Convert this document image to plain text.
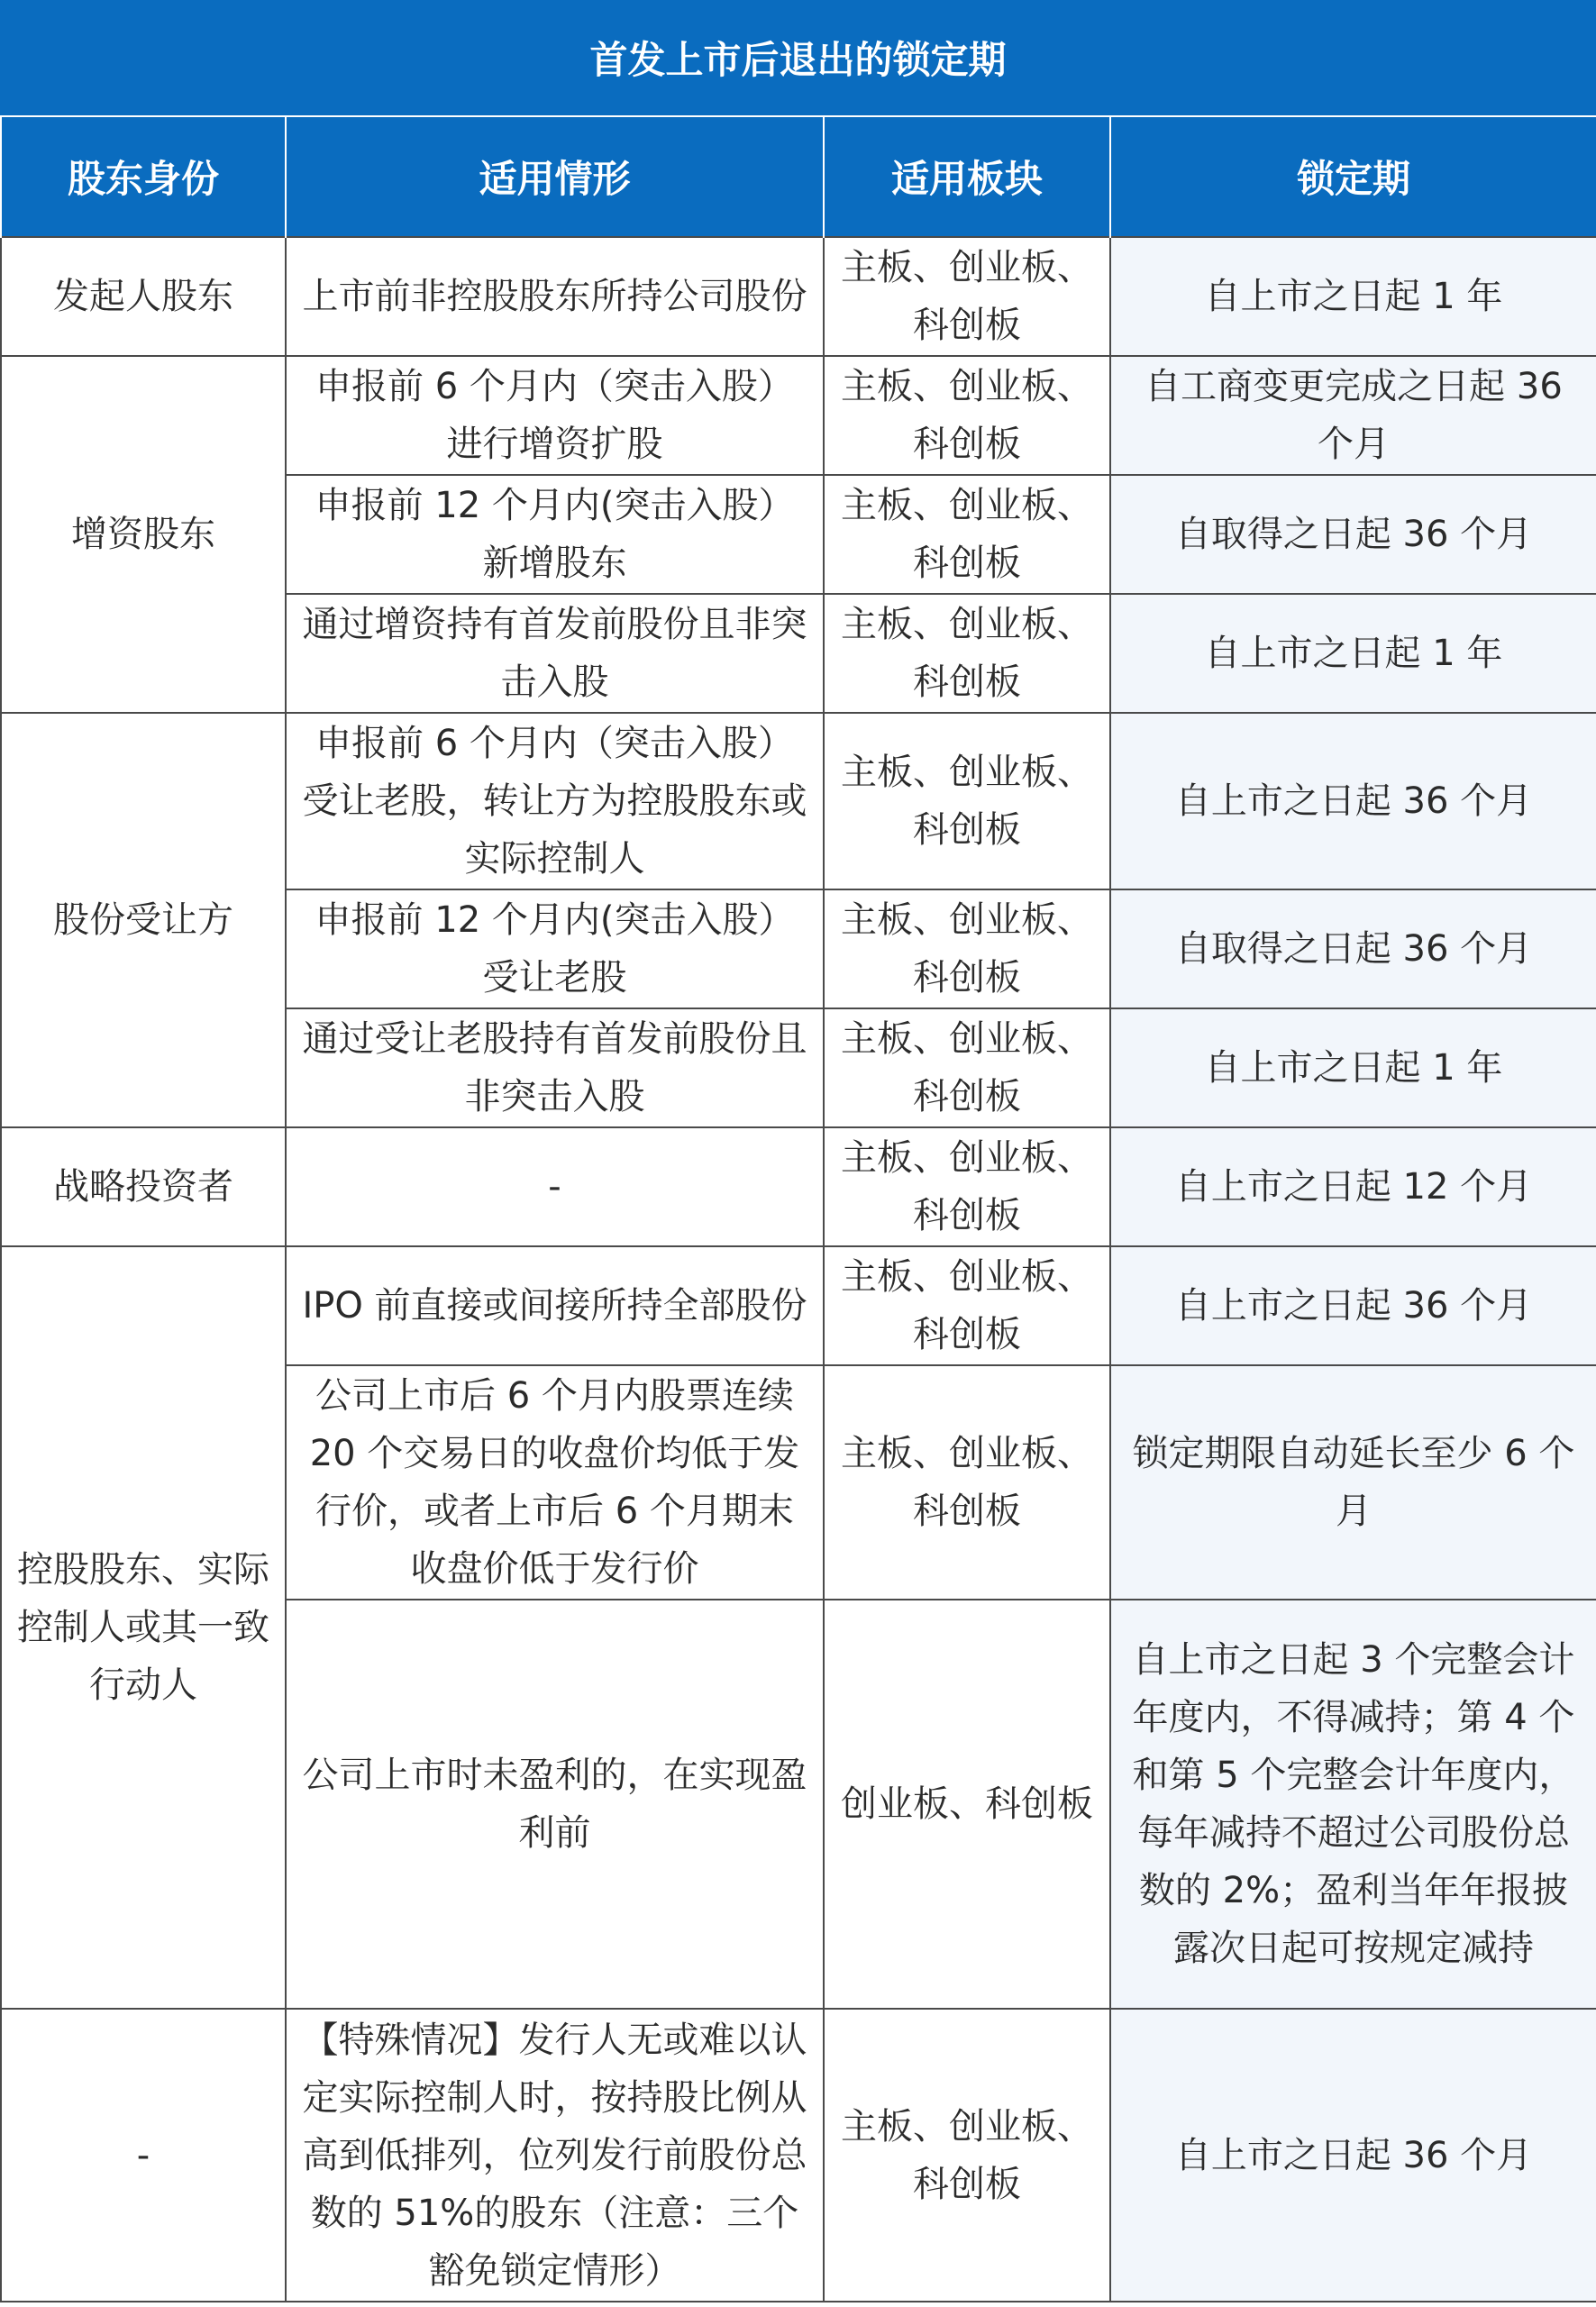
首发上市后退出的锁定期
股东身份	适用情形	适用板块	锁定期
发起人股东	上市前非控股股东所持公司股份	主板、创业板、科创板	自上市之日起 1 年
增资股东	申报前 6 个月内（突击入股）进行增资扩股	主板、创业板、科创板	自工商变更完成之日起 36 个月
	申报前 12 个月内(突击入股）新增股东	主板、创业板、科创板	自取得之日起 36 个月
	通过增资持有首发前股份且非突击入股	主板、创业板、科创板	自上市之日起 1 年
股份受让方	申报前 6 个月内（突击入股）受让老股，转让方为控股股东或实际控制人	主板、创业板、科创板	自上市之日起 36 个月
	申报前 12 个月内(突击入股）受让老股	主板、创业板、科创板	自取得之日起 36 个月
	通过受让老股持有首发前股份且非突击入股	主板、创业板、科创板	自上市之日起 1 年
战略投资者	-	主板、创业板、科创板	自上市之日起 12 个月
控股股东、实际控制人或其一致行动人	IPO 前直接或间接所持全部股份	主板、创业板、科创板	自上市之日起 36 个月
	公司上市后 6 个月内股票连续 20 个交易日的收盘价均低于发行价，或者上市后 6 个月期末收盘价低于发行价	主板、创业板、科创板	锁定期限自动延长至少 6 个月
	公司上市时未盈利的，在实现盈利前	创业板、科创板	自上市之日起 3 个完整会计年度内，不得减持；第 4 个和第 5 个完整会计年度内，每年减持不超过公司股份总数的 2%；盈利当年年报披露次日起可按规定减持
-	【特殊情况】发行人无或难以认定实际控制人时，按持股比例从高到低排列，位列发行前股份总数的 51%的股东（注意：三个豁免锁定情形）	主板、创业板、科创板	自上市之日起 36 个月
